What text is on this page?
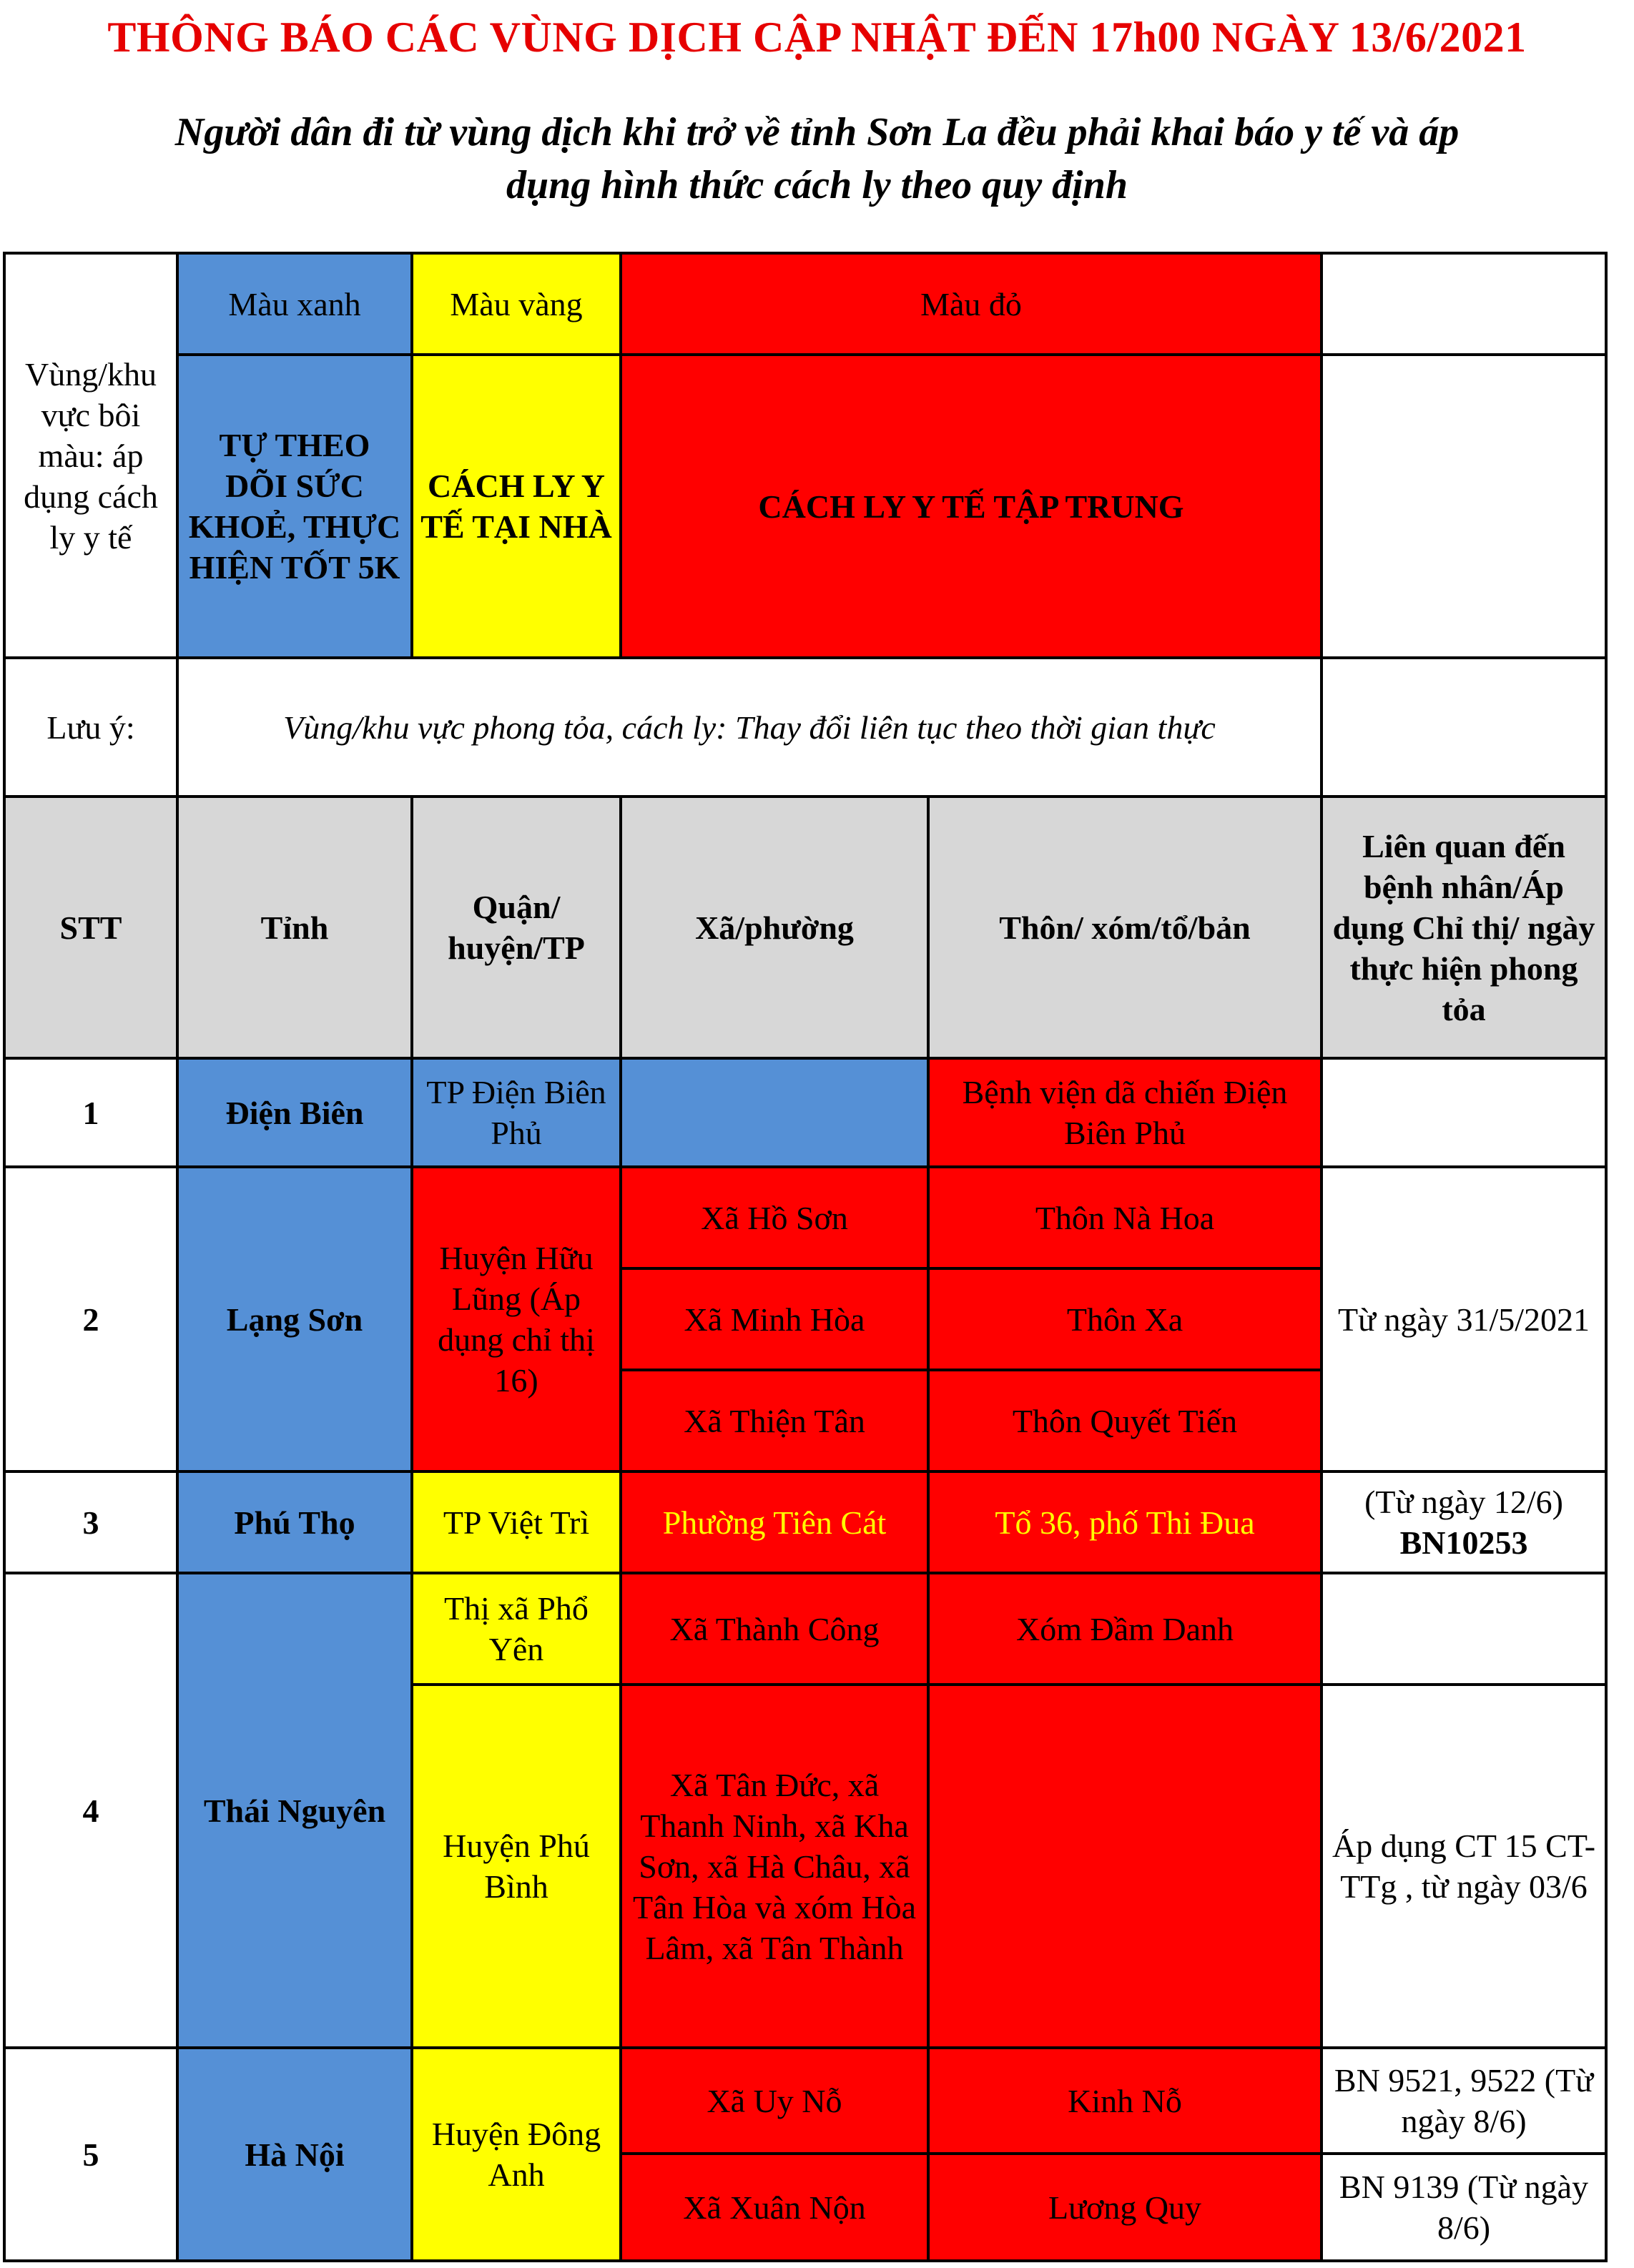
THÔNG BÁO CÁC VÙNG DỊCH CẬP NHẬT ĐẾN 17h00 NGÀY 13/6/2021
Người dân đi từ vùng dịch khi trở về tỉnh Sơn La đều phải khai báo y tế và áp
dụng hình thức cách ly theo quy định
Vùng/khu vực bôi màu: áp dụng cách ly y tế	Màu xanh	Màu vàng	Màu đỏ		
	TỰ THEO DÕI SỨC KHOẺ, THỰC HIỆN TỐT 5K	CÁCH LY Y TẾ TẠI NHÀ	CÁCH LY Y TẾ TẬP TRUNG		
Lưu ý:	Vùng/khu vực phong tỏa, cách ly: Thay đổi liên tục theo thời gian thực				
STT	Tỉnh	Quận/ huyện/TP	Xã/phường	Thôn/ xóm/tổ/bản	Liên quan đến bệnh nhân/Áp dụng Chỉ thị/ ngày thực hiện phong tỏa
1	Điện Biên	TP Điện Biên Phủ		Bệnh viện dã chiến Điện Biên Phủ	
2	Lạng Sơn	Huyện Hữu Lũng (Áp dụng chỉ thị 16)	Xã Hồ Sơn	Thôn Nà Hoa	Từ ngày 31/5/2021
			Xã Minh Hòa	Thôn Xa	
			Xã Thiện Tân	Thôn Quyết Tiến	
3	Phú Thọ	TP Việt Trì	Phường Tiên Cát	Tổ 36, phố Thi Đua	(Từ ngày 12/6) BN10253
4	Thái Nguyên	Thị xã Phổ Yên	Xã Thành Công	Xóm Đầm Danh	
		Huyện Phú Bình	Xã Tân Đức, xã Thanh Ninh, xã Kha Sơn, xã Hà Châu, xã Tân Hòa và xóm Hòa Lâm, xã Tân Thành		Áp dụng CT 15 CT-TTg , từ ngày 03/6
5	Hà Nội	Huyện Đông Anh	Xã Uy Nỗ	Kinh Nỗ	BN 9521, 9522 (Từ ngày 8/6)
			Xã Xuân Nộn	Lương Quy	BN 9139 (Từ ngày 8/6)
